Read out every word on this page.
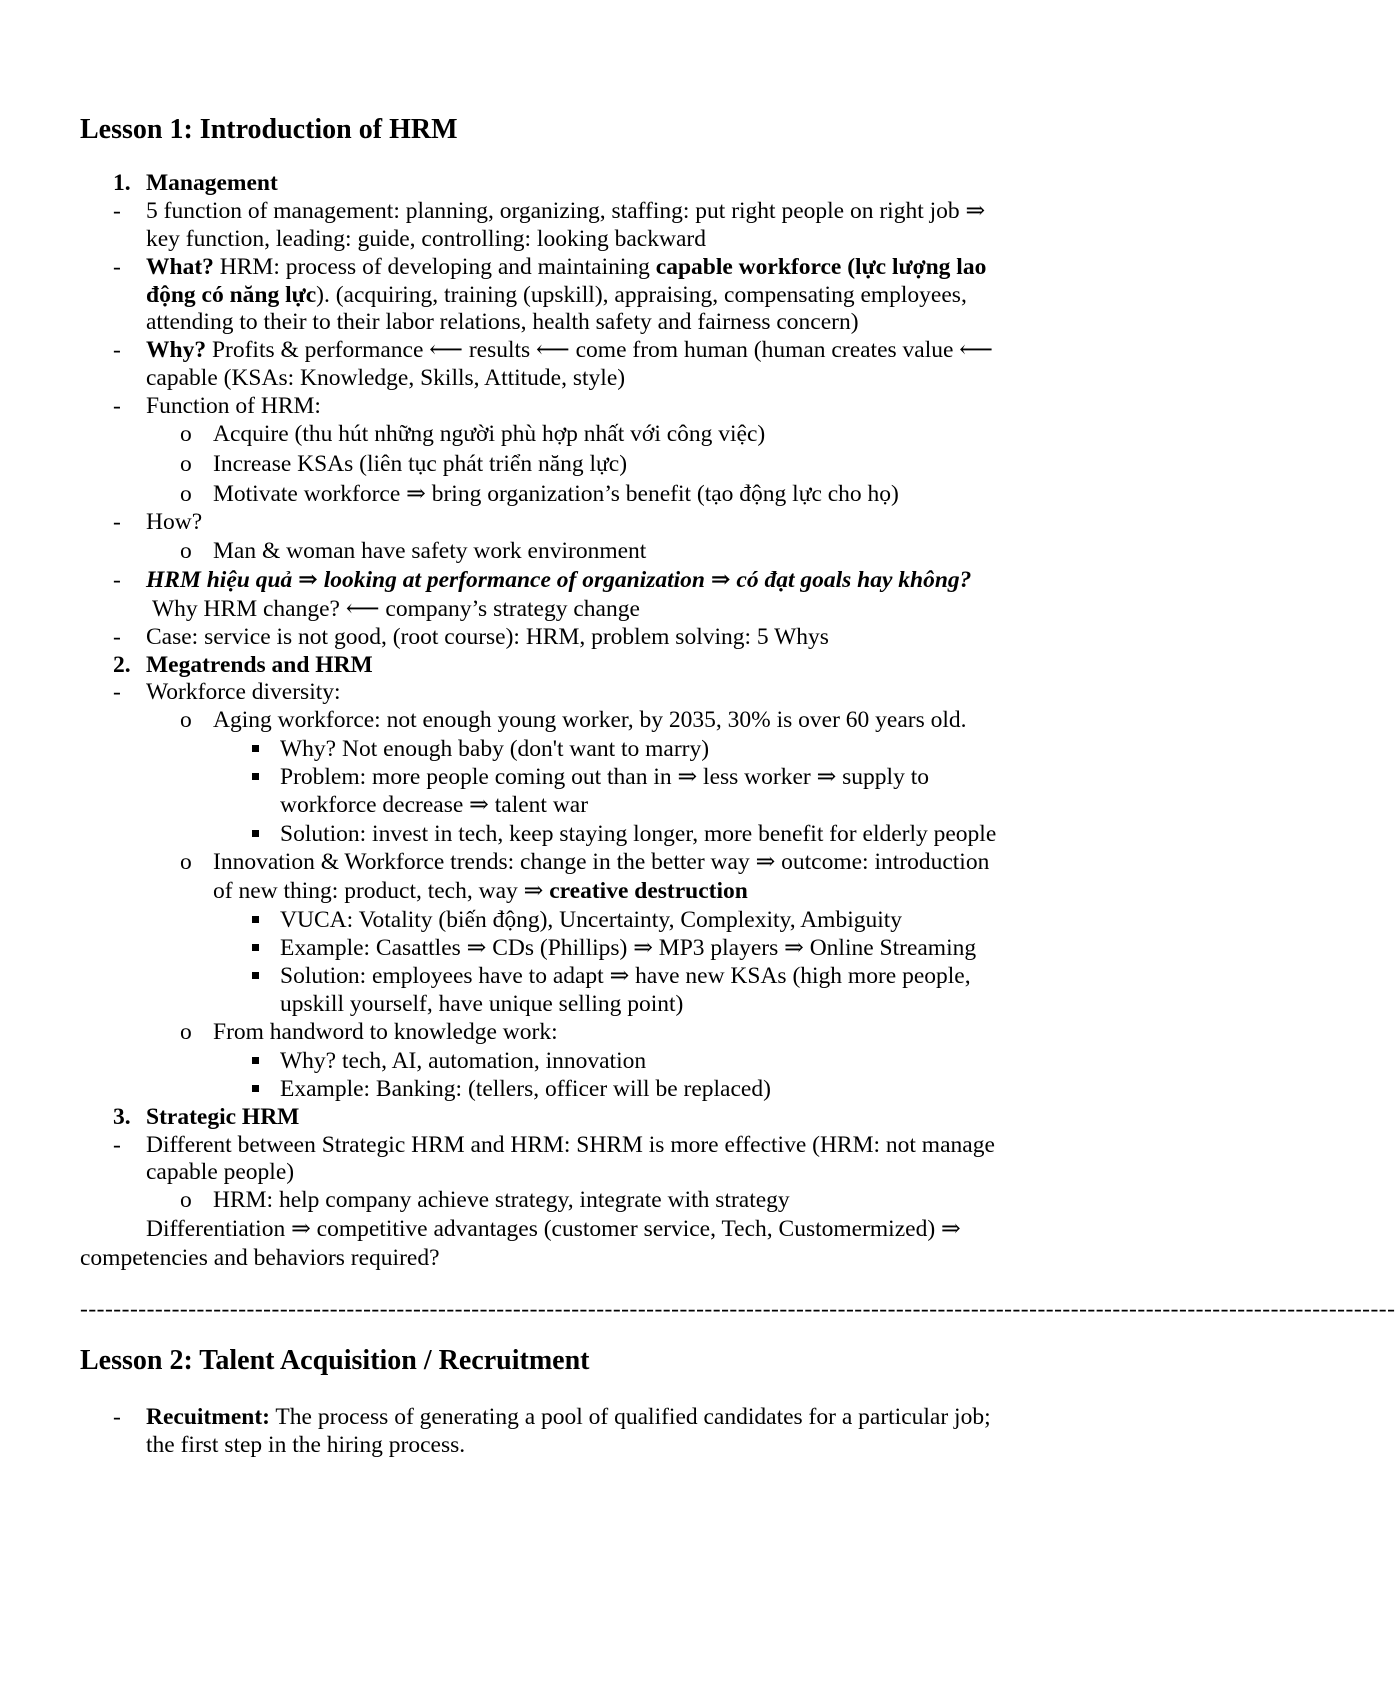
Lesson 1: Introduction of HRM
1. Management
- 5 function of management: planning, organizing, staffing: put right people on right job ⇒
key function, leading: guide, controlling: looking backward
- What? HRM: process of developing and maintaining capable workforce (lực lượng lao
động có năng lực). (acquiring, training (upskill), appraising, compensating employees,
attending to their to their labor relations, health safety and fairness concern)
- Why? Profits & performance ⟵ results ⟵ come from human (human creates value ⟵
capable (KSAs: Knowledge, Skills, Attitude, style)
- Function of HRM:
o Acquire (thu hút những người phù hợp nhất với công việc)
o Increase KSAs (liên tục phát triển năng lực)
o Motivate workforce ⇒ bring organization’s benefit (tạo động lực cho họ)
- How?
o Man & woman have safety work environment
- HRM hiệu quả ⇒ looking at performance of organization ⇒ có đạt goals hay không?
Why HRM change? ⟵ company’s strategy change
- Case: service is not good, (root course): HRM, problem solving: 5 Whys
2. Megatrends and HRM
- Workforce diversity:
o Aging workforce: not enough young worker, by 2035, 30% is over 60 years old.
Why? Not enough baby (don't want to marry)
Problem: more people coming out than in ⇒ less worker ⇒ supply to
workforce decrease ⇒ talent war
Solution: invest in tech, keep staying longer, more benefit for elderly people
o Innovation & Workforce trends: change in the better way ⇒ outcome: introduction
of new thing: product, tech, way ⇒ creative destruction
VUCA: Votality (biến động), Uncertainty, Complexity, Ambiguity
Example: Casattles ⇒ CDs (Phillips) ⇒ MP3 players ⇒ Online Streaming
Solution: employees have to adapt ⇒ have new KSAs (high more people,
upskill yourself, have unique selling point)
o From handword to knowledge work:
Why? tech, AI, automation, innovation
Example: Banking: (tellers, officer will be replaced)
3. Strategic HRM
- Different between Strategic HRM and HRM: SHRM is more effective (HRM: not manage
capable people)
o HRM: help company achieve strategy, integrate with strategy
Differentiation ⇒ competitive advantages (customer service, Tech, Customermized) ⇒
competencies and behaviors required?
--------------------------------------------------------------------------------------------------------------------------------------------------------------
Lesson 2: Talent Acquisition / Recruitment
- Recuitment: The process of generating a pool of qualified candidates for a particular job;
the first step in the hiring process.
